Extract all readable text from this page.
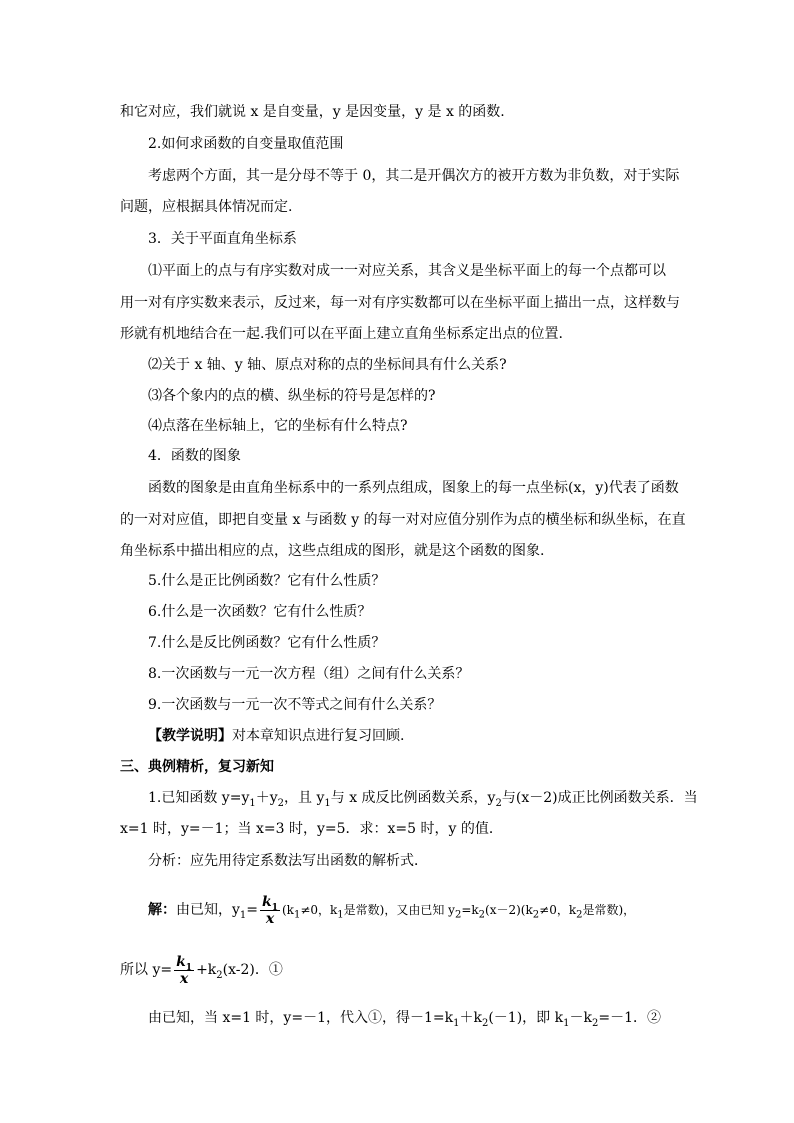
和它对应，我们就说 x 是自变量，y 是因变量，y 是 x 的函数.
2.如何求函数的自变量取值范围
考虑两个方面，其一是分母不等于 0，其二是开偶次方的被开方数为非负数，对于实际
问题，应根据具体情况而定.
3．关于平面直角坐标系
⑴平面上的点与有序实数对成一一对应关系，其含义是坐标平面上的每一个点都可以
用一对有序实数来表示，反过来，每一对有序实数都可以在坐标平面上描出一点，这样数与
形就有机地结合在一起.我们可以在平面上建立直角坐标系定出点的位置.
⑵关于 x 轴、y 轴、原点对称的点的坐标间具有什么关系?
⑶各个象内的点的横、纵坐标的符号是怎样的?
⑷点落在坐标轴上，它的坐标有什么特点?
4．函数的图象
函数的图象是由直角坐标系中的一系列点组成，图象上的每一点坐标(x，y)代表了函数
的一对对应值，即把自变量 x 与函数 y 的每一对对应值分别作为点的横坐标和纵坐标，在直
角坐标系中描出相应的点，这些点组成的图形，就是这个函数的图象.
5.什么是正比例函数？它有什么性质？
6.什么是一次函数？它有什么性质？
7.什么是反比例函数？它有什么性质？
8.一次函数与一元一次方程（组）之间有什么关系？
9.一次函数与一元一次不等式之间有什么关系？
【教学说明】对本章知识点进行复习回顾.
三、典例精析，复习新知
1.已知函数 $y=y_1+y_2$，且 $y_1$与 x 成反比例函数关系，$y_2$与(x－2)成正比例函数关系．当
x=1 时，y=－1；当 x=3 时，y=5．求：x=5 时，y 的值．
分析：应先用待定系数法写出函数的解析式．
解：由已知，$y_1= \frac{k_1}{x} (k_1\ne 0$，$k_1$是常数)，又由已知 $y_2=k_2(x-2)(k_2\ne 0$，$k_2$是常数)，
所以 $y= \frac{k_1}{x} +k_2(x-2)$．①
由已知，当 x=1 时，y=－1，代入①，得$-1=k_1+k_2(-1)$，即 $k_1-k_2=-1$．②
